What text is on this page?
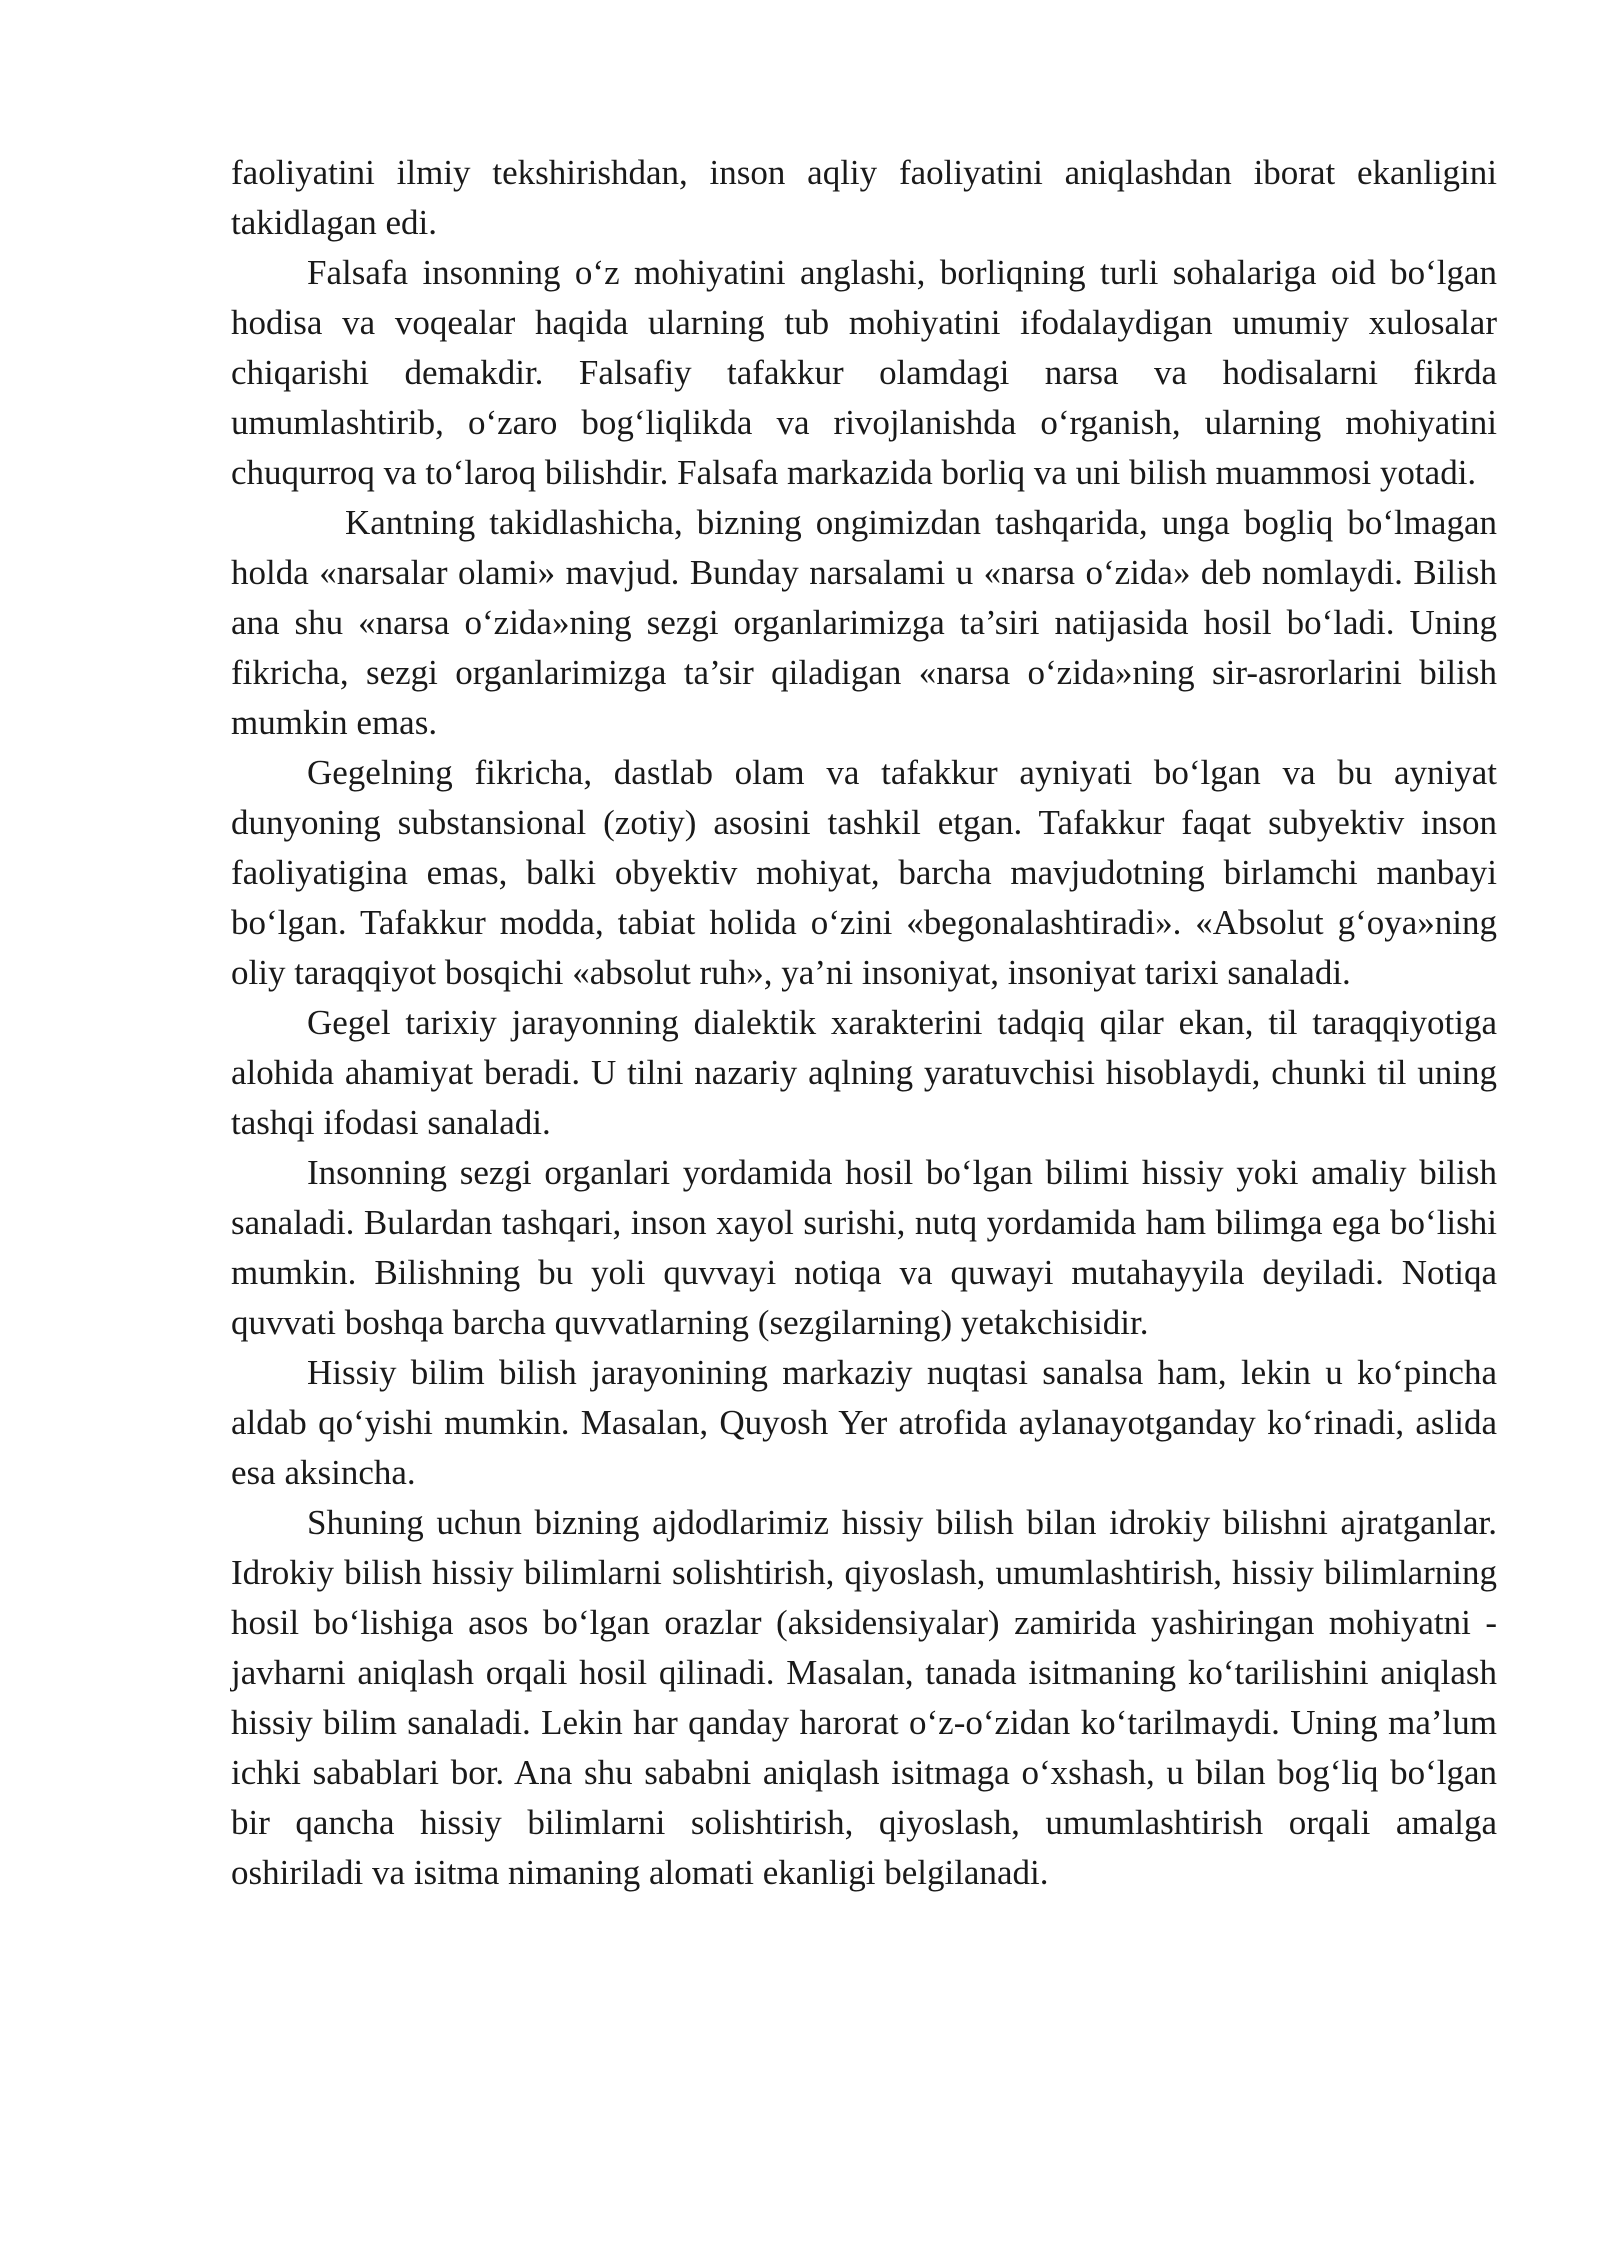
faoliyatini ilmiy tekshirishdan, inson aqliy faoliyatini aniqlashdan iborat ekanligini takidlagan edi.

Falsafa insonning o‘z mohiyatini anglashi, borliqning turli sohalariga oid bo‘lgan hodisa va voqealar haqida ularning tub mohiyatini ifodalaydigan umumiy xulosalar chiqarishi demakdir. Falsafiy tafakkur olamdagi narsa va hodisalarni fikrda umumlashtirib, o‘zaro bog‘liqlikda va rivojlanishda o‘rganish, ularning mohiyatini chuqurroq va to‘laroq bilishdir. Falsafa markazida borliq va uni bilish muammosi yotadi.

Kantning takidlashicha, bizning ongimizdan tashqarida, unga bogliq bo‘lmagan holda «narsalar olami» mavjud. Bunday narsalami u «narsa o‘zida» deb nomlaydi. Bilish ana shu «narsa o‘zida»ning sezgi organlarimizga ta’siri natijasida hosil bo‘ladi. Uning fikricha, sezgi organlarimizga ta’sir qiladigan «narsa o‘zida»ning sir-asrorlarini bilish mumkin emas.

Gegelning fikricha, dastlab olam va tafakkur ayniyati bo‘lgan va bu ayniyat dunyoning substansional (zotiy) asosini tashkil etgan. Tafakkur faqat subyektiv inson faoliyatigina emas, balki obyektiv mohiyat, barcha mavjudotning birlamchi manbayi bo‘lgan. Tafakkur modda, tabiat holida o‘zini «begonalashtiradi». «Absolut g‘oya»ning oliy taraqqiyot bosqichi «absolut ruh», ya’ni insoniyat, insoniyat tarixi sanaladi.

Gegel tarixiy jarayonning dialektik xarakterini tadqiq qilar ekan, til taraqqiyotiga alohida ahamiyat beradi. U tilni nazariy aqlning yaratuvchisi hisoblaydi, chunki til uning tashqi ifodasi sanaladi.

Insonning sezgi organlari yordamida hosil bo‘lgan bilimi hissiy yoki amaliy bilish sanaladi. Bulardan tashqari, inson xayol surishi, nutq yordamida ham bilimga ega bo‘lishi mumkin. Bilishning bu yoli quvvayi notiqa va quwayi mutahayyila deyiladi. Notiqa quvvati boshqa barcha quvvatlarning (sezgilarning) yetakchisidir.

Hissiy bilim bilish jarayonining markaziy nuqtasi sanalsa ham, lekin u ko‘pincha aldab qo‘yishi mumkin. Masalan, Quyosh Yer atrofida aylanayotganday ko‘rinadi, aslida esa aksincha.

Shuning uchun bizning ajdodlarimiz hissiy bilish bilan idrokiy bilishni ajratganlar. Idrokiy bilish hissiy bilimlarni solishtirish, qiyoslash, umumlashtirish, hissiy bilimlarning hosil bo‘lishiga asos bo‘lgan orazlar (aksidensiyalar) zamirida yashiringan mohiyatni - javharni aniqlash orqali hosil qilinadi. Masalan, tanada isitmaning ko‘tarilishini aniqlash hissiy bilim sanaladi. Lekin har qanday harorat o‘z-o‘zidan ko‘tarilmaydi. Uning ma’lum ichki sabablari bor. Ana shu sababni aniqlash isitmaga o‘xshash, u bilan bog‘liq bo‘lgan bir qancha hissiy bilimlarni solishtirish, qiyoslash, umumlashtirish orqali amalga oshiriladi va isitma nimaning alomati ekanligi belgilanadi.
